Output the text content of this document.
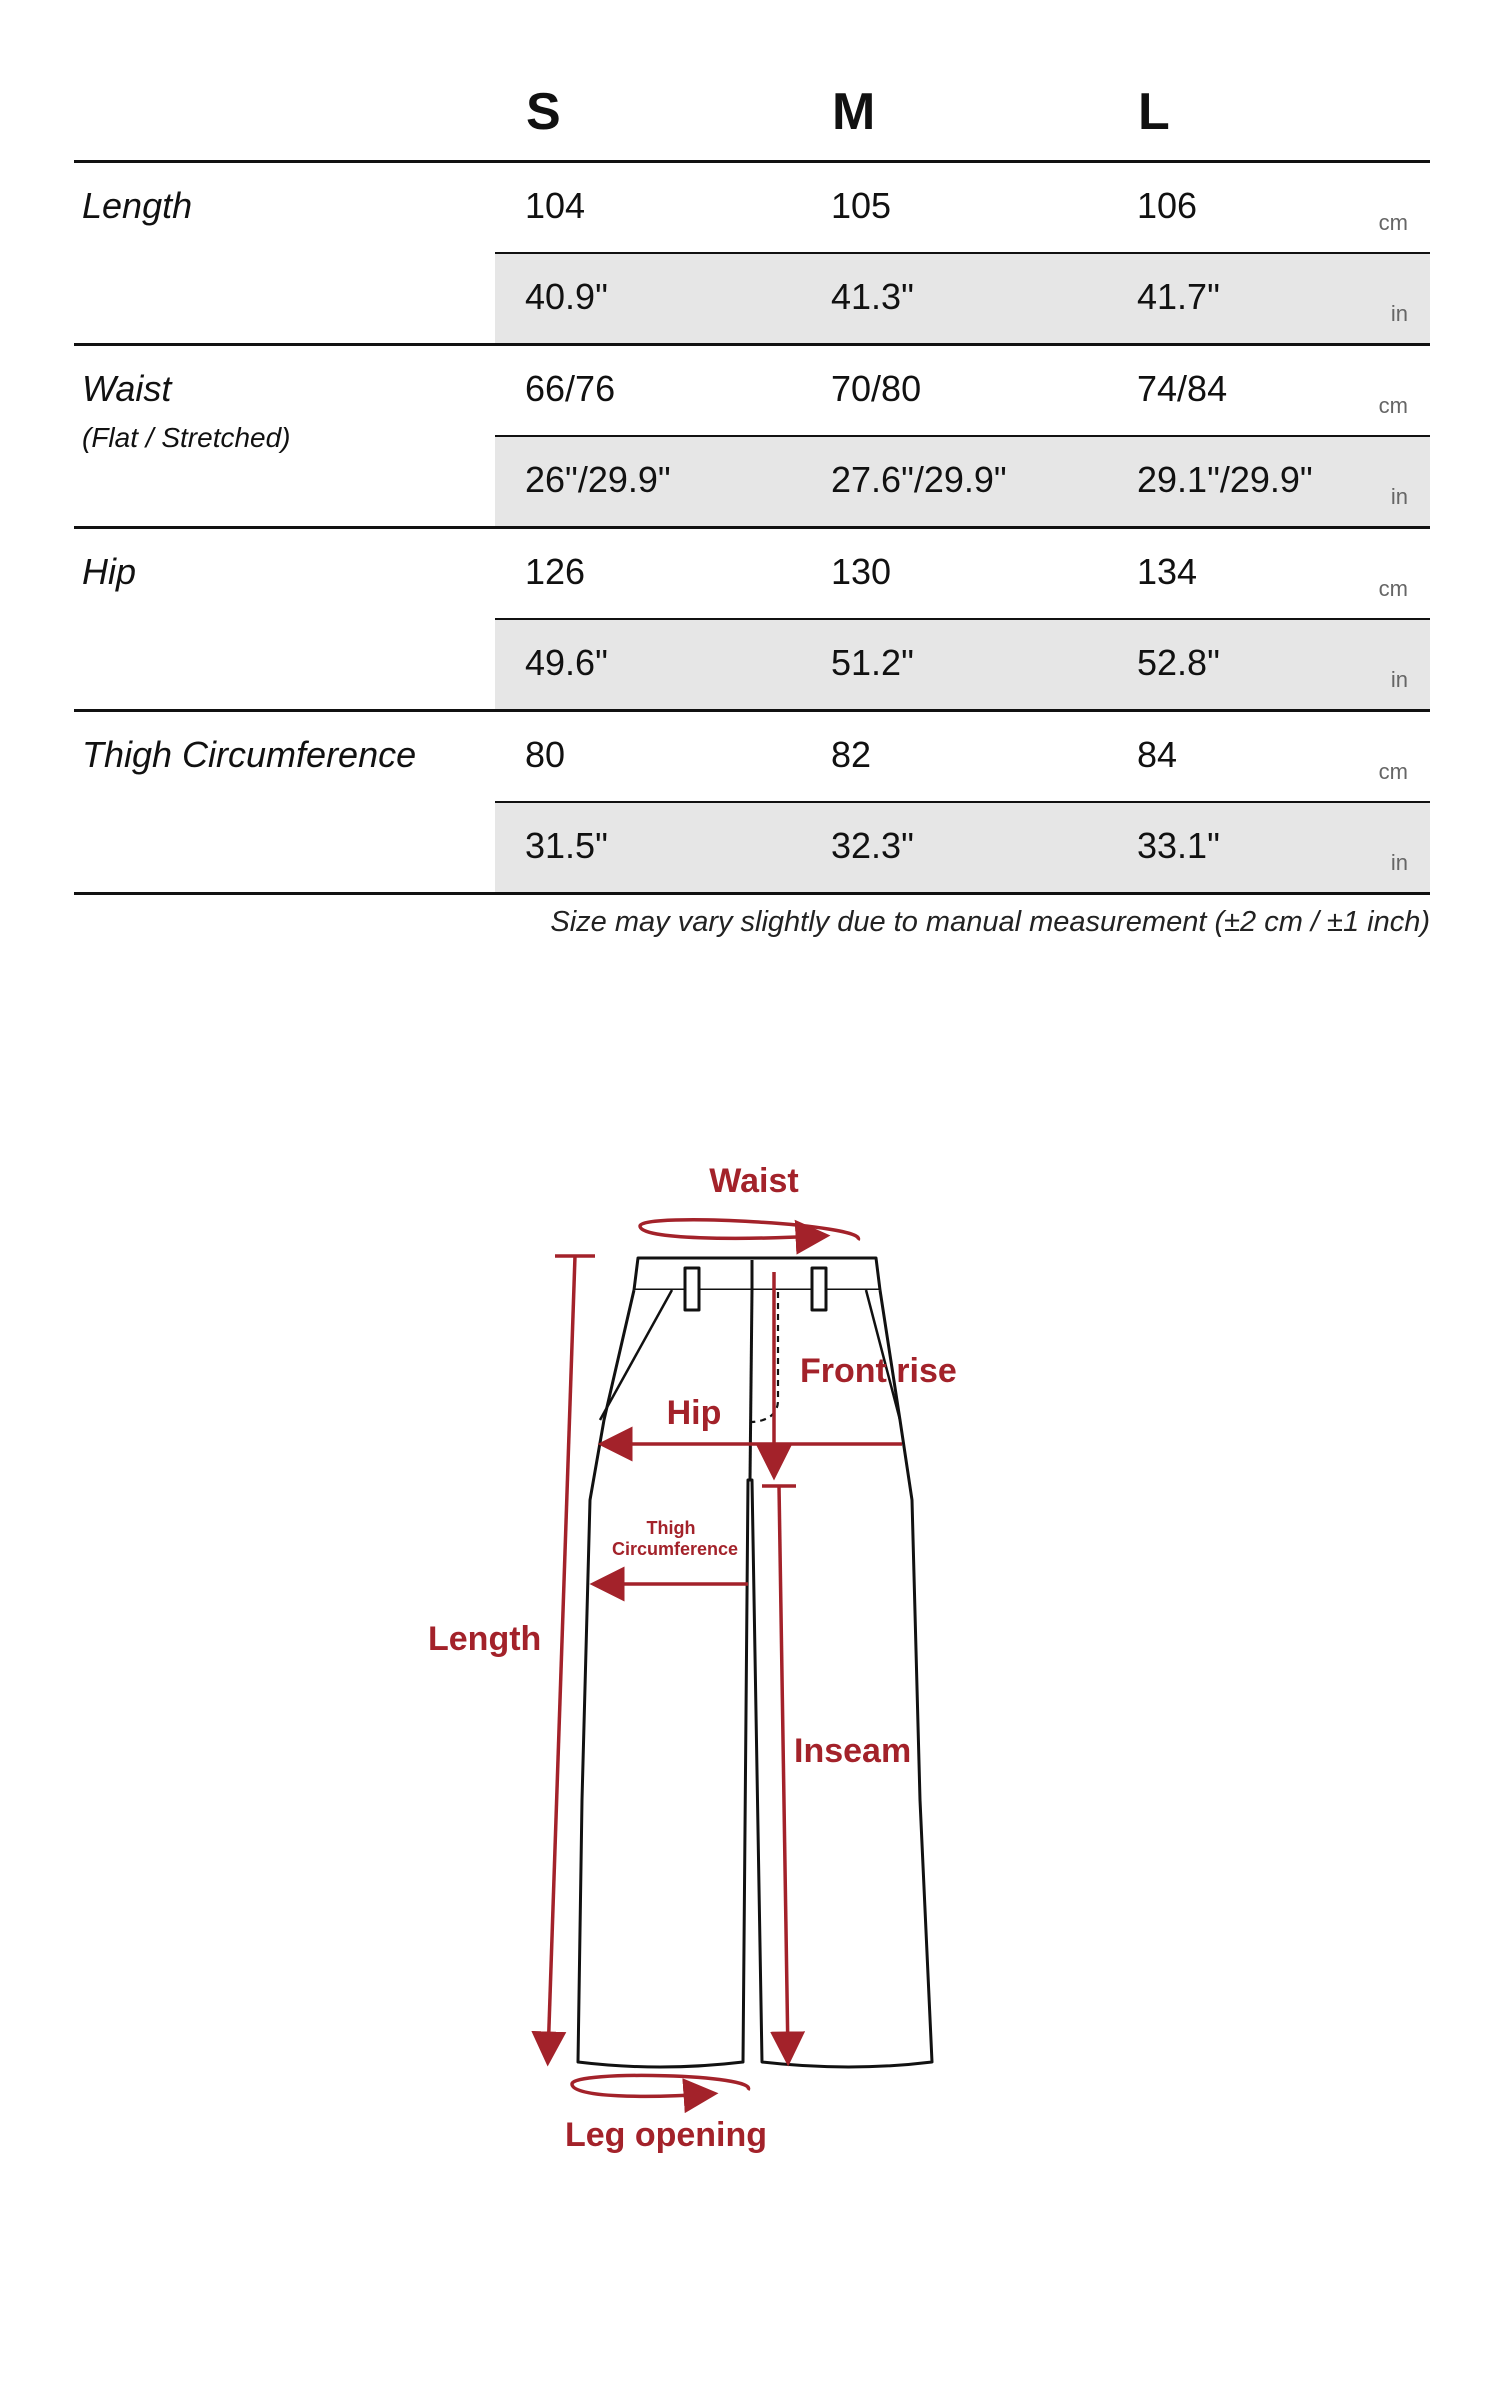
S	M	L
Length	104	105	106	cm
40.9"	41.3"	41.7"	in
Waist
(Flat / Stretched)
66/76	70/80	74/84	cm
26"/29.9"	27.6"/29.9"	29.1"/29.9"	in
Hip	126	130	134	cm
49.6"	51.2"	52.8"	in
Thigh Circumference	80	82	84	cm
31.5"	32.3"	33.1"	in
Size may vary slightly due to manual measurement (±2 cm / ±1 inch)
Waist
Front rise
Hip
Thigh
Circumference
Length
Inseam
Leg opening
